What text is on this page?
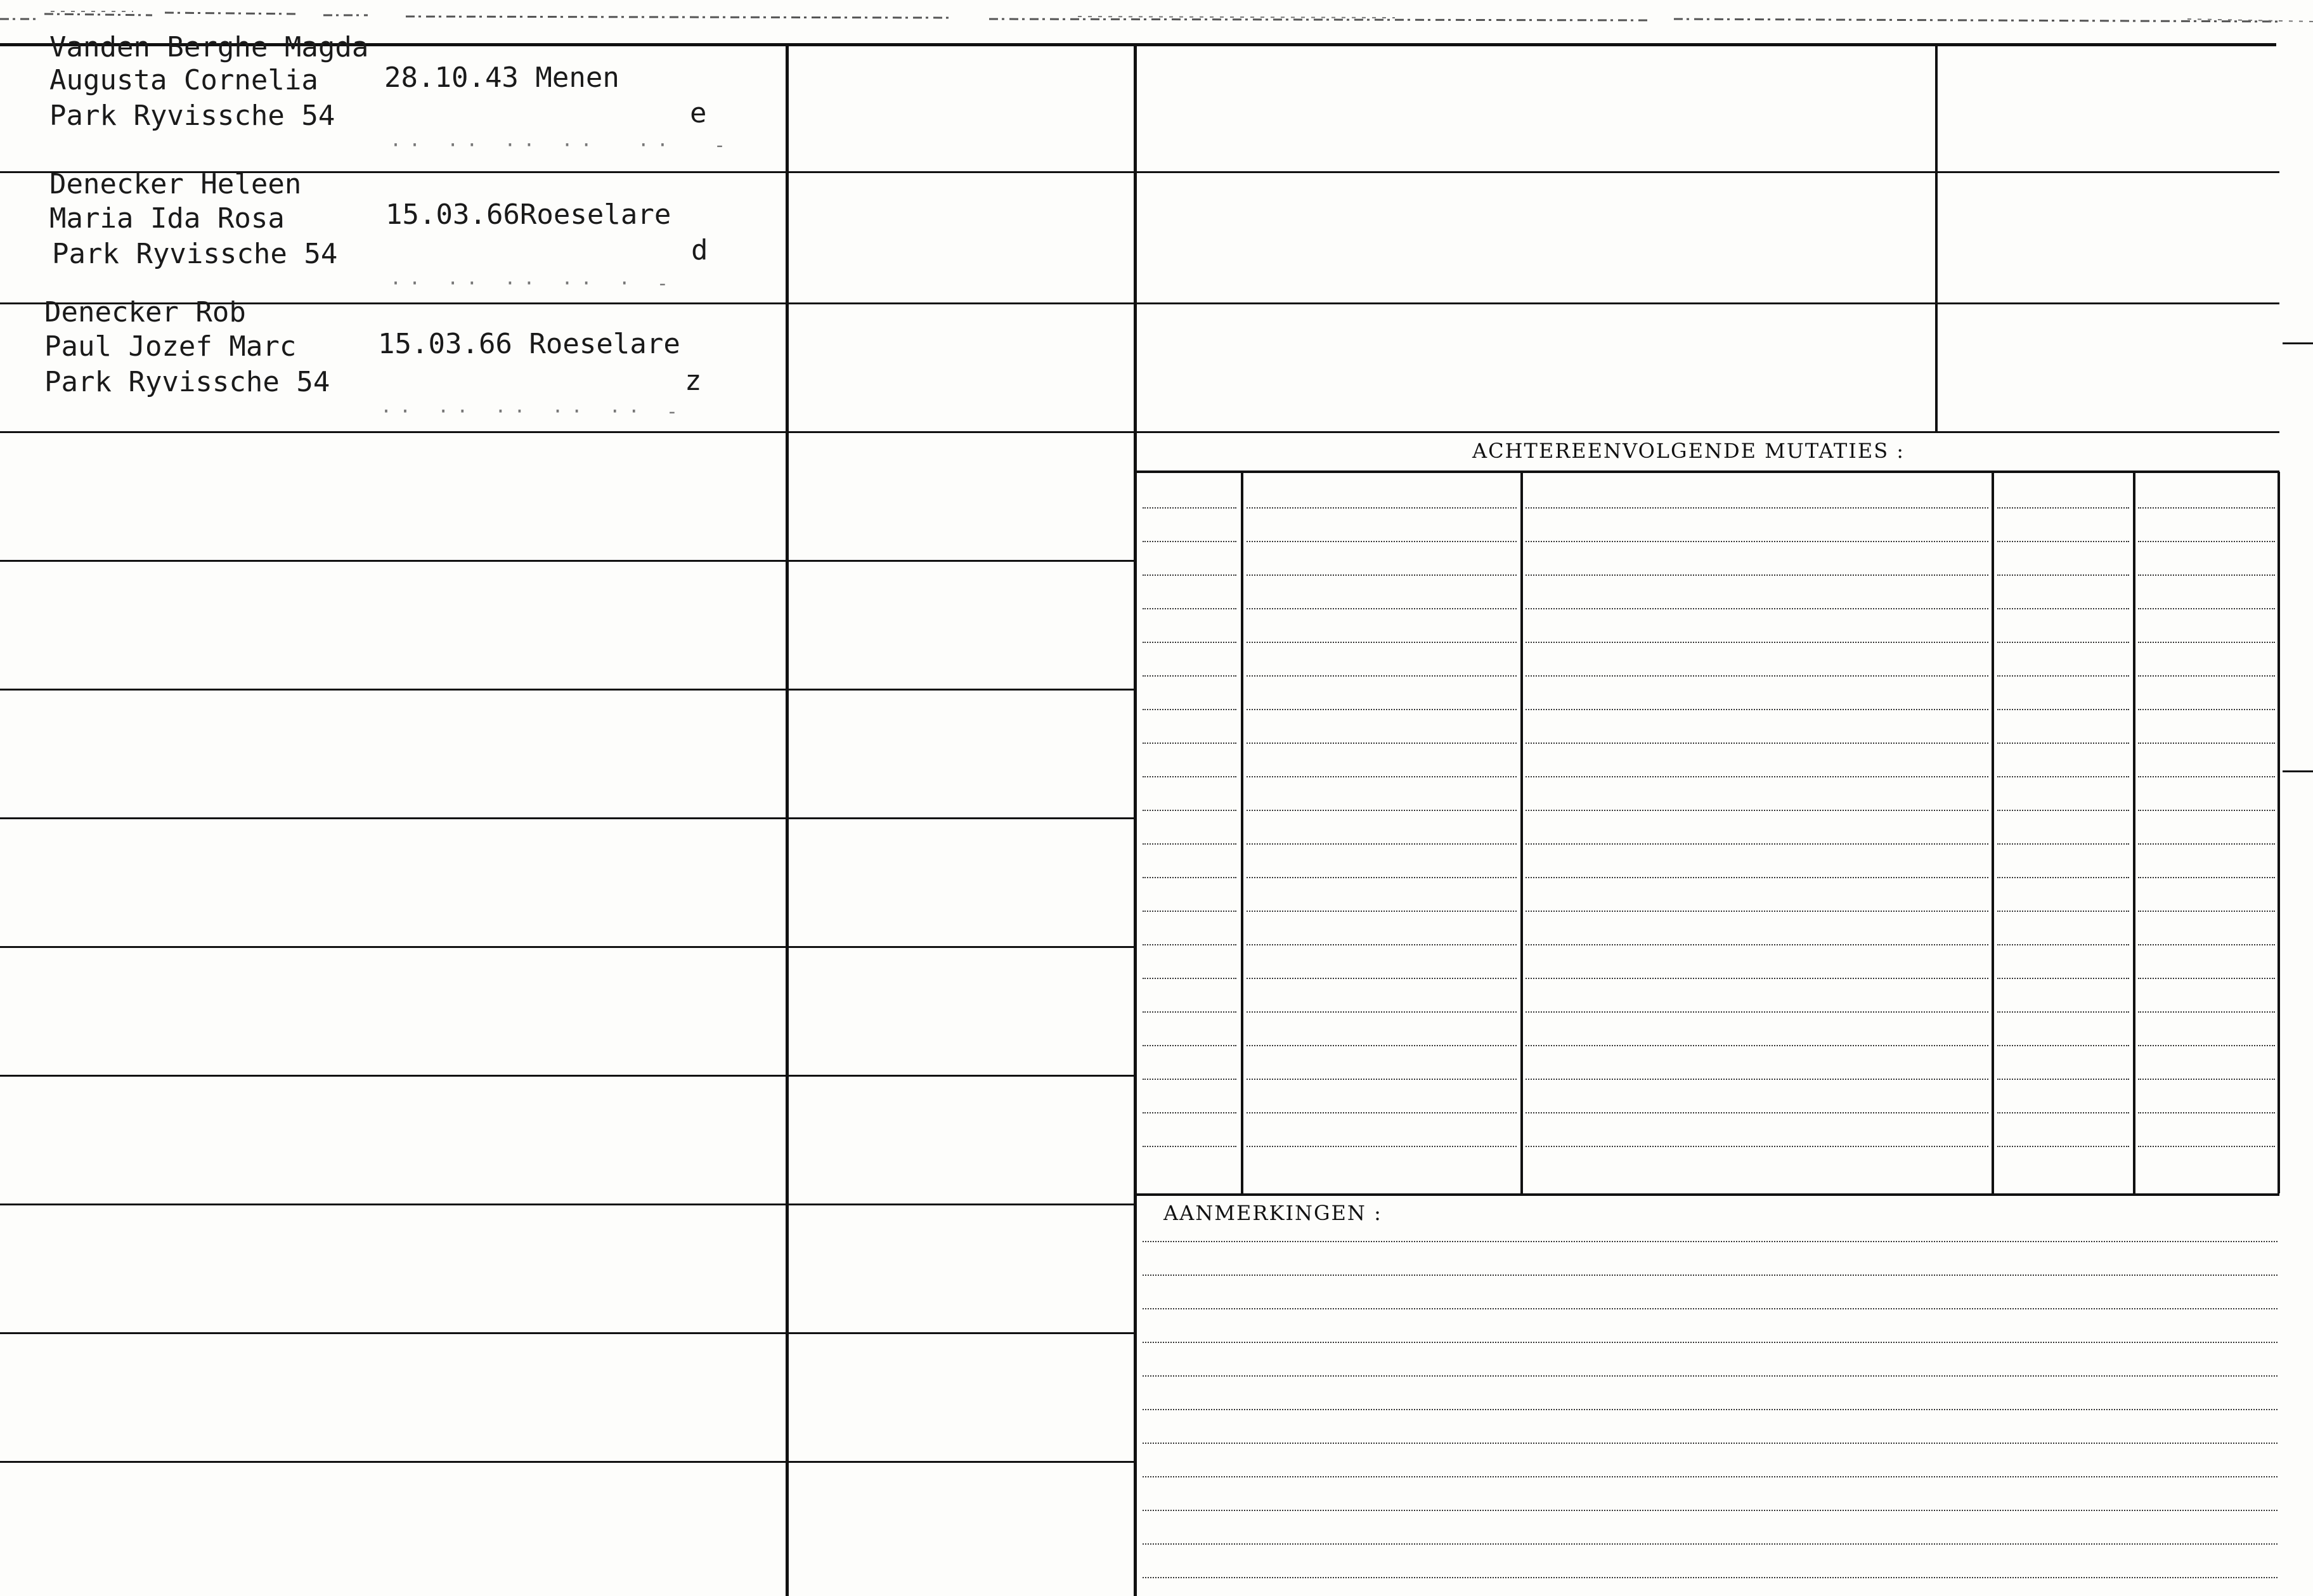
Vanden Berghe Magda
Augusta Cornelia
Park Ryvissche 54
28.10.43 Menen
e
·· ·· ·· ··  ··  -
Denecker Heleen
Maria Ida Rosa
Park Ryvissche 54
15.03.66Roeselare
d
·· ·· ·· ·· · -
Denecker Rob
Paul Jozef Marc
Park Ryvissche 54
15.03.66 Roeselare
z
·· ·· ·· ·· ·· -
ACHTEREENVOLGENDE MUTATIES :
AANMERKINGEN :
